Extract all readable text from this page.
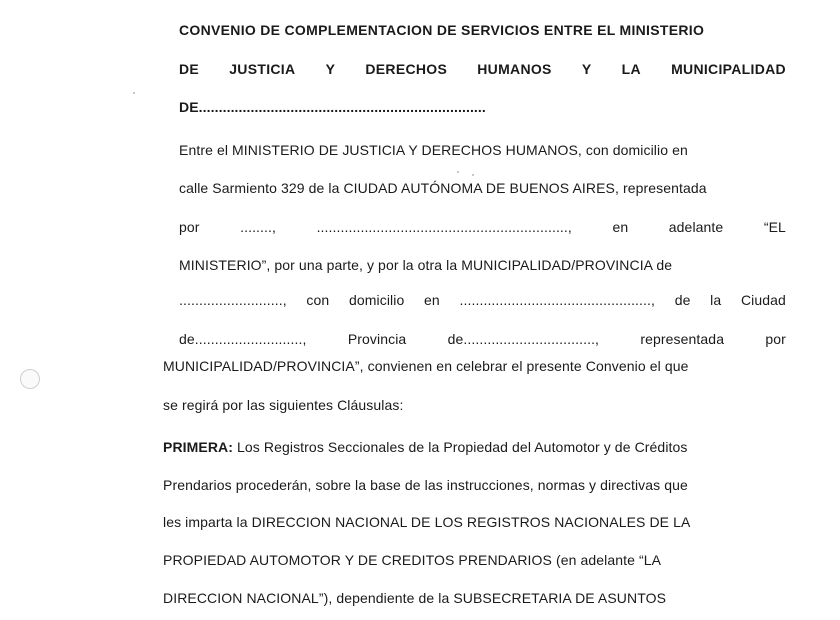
CONVENIO DE COMPLEMENTACION DE SERVICIOS ENTRE EL MINISTERIO
DE JUSTICIA Y DERECHOS HUMANOS Y LA MUNICIPALIDAD
DE........................................................................
Entre el MINISTERIO DE JUSTICIA Y DERECHOS HUMANOS, con domicilio en
calle Sarmiento 329 de la CIUDAD AUTÓNOMA DE BUENOS AIRES, representada
por	........,	...............................................................,	en	adelante	“EL
MINISTERIO”, por una parte, y por la otra la MUNICIPALIDAD/PROVINCIA de
.........................., con domicilio en ................................................, de la Ciudad
de...........................,	Provincia	de.................................,	representada	por
MUNICIPALIDAD/PROVINCIA”, convienen en celebrar el presente Convenio el que
se regirá por las siguientes Cláusulas:
PRIMERA: Los Registros Seccionales de la Propiedad del Automotor y de Créditos
Prendarios procederán, sobre la base de las instrucciones, normas y directivas que
les imparta la DIRECCION NACIONAL DE LOS REGISTROS NACIONALES DE LA
PROPIEDAD AUTOMOTOR Y DE CREDITOS PRENDARIOS (en adelante “LA
DIRECCION NACIONAL”), dependiente de la SUBSECRETARIA DE ASUNTOS
